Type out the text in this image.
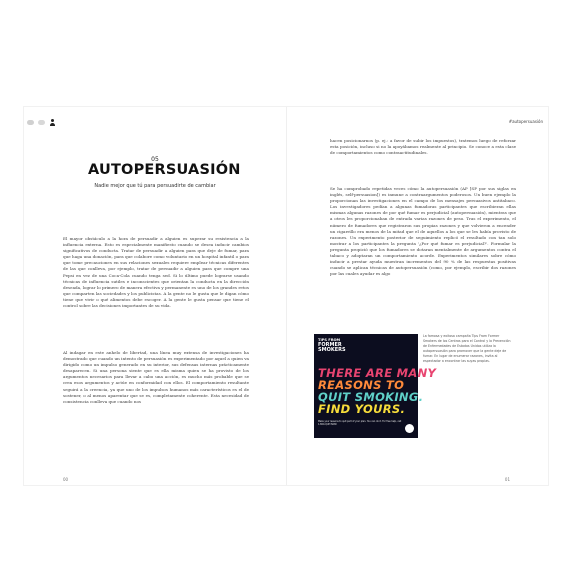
#autopersuasión
05
AUTOPERSUASIÓN
Nadie mejor que tú para persuadirte de cambiar

El mayor obstáculo a la hora de persuadir a alguien es superar su resistencia a la influencia externa. Esto es especialmente manifiesto cuando se desea inducir cambios significativos de conducta. Tratar de persuadir a alguien para que deje de fumar, para que haga una donación, para que colabore como voluntario en un hospital infantil o para que tome precauciones en sus relaciones sexuales requiere emplear técnicas diferentes de las que conlleva, por ejemplo, tratar de persuadir a alguien para que compre una Pepsi en vez de una Coca-Cola cuando tenga sed. Si lo último puede lograrse usando técnicas de influencia sutiles e inconscientes que orientan la conducta en la dirección deseada, lograr lo primero de manera efectiva y permanente es uno de los grandes retos que comparten las sociedades y los publicistas. A la gente no le gusta que le digan cómo tiene que vivir o qué alimentos debe escoger. A la gente le gusta pensar que tiene el control sobre las decisiones importantes de su vida.

Al indagar en este anhelo de libertad, una línea muy extensa de investigaciones ha demostrado que cuando un intento de persuasión es experimentado por aquel a quien va dirigido como un impulso generado en su interior, sus defensas internas prácticamente desaparecen. Si una persona siente que es ella misma quien se ha provisto de los argumentos necesarios para llevar a cabo una acción, es mucho más probable que se crea esos argumentos y actúe en conformidad con ellos. El comportamiento resultante seguirá a la creencia, ya que uno de los impulsos humanos más característicos es el de sostener, o al menos aparentar que se es, completamente coherente. Esta necesidad de consistencia conlleva que cuando nos

hacen posicionarnos (p. ej.: a favor de subir los impuestos), tratemos luego de reforzar esta posición, incluso si no la apoyábamos realmente al principio. Se conoce a esta clase de comportamientos como contraactitudinales.

Se ha comprobado repetidas veces cómo la autopersuasión (AP [SP por sus siglas en inglés, self-persuasion]) es inmune a contraargumentos poderosos. Un buen ejemplo la proporcionan las investigaciones en el campo de los mensajes persuasivos antitabaco. Los investigadores pedían a algunas fumadoras participantes que escribieran ellas mismas algunas razones de por qué fumar es perjudicial (autopersuasión), mientras que a otros les proporcionaban de entrada varias razones de peso. Tras el experimento, el número de fumadores que registraron sus propias razones y que volvieron a encender un cigarrillo era menos de la mitad que el de aquellos a los que se les había provisto de razones. Un experimento posterior de seguimiento replicó el resultado con tan solo mostrar a los participantes la pregunta '¿Por qué fumar es perjudicial?'. Formular la pregunta propició que los fumadores se dotaran mentalmente de argumentos contra el tabaco y adoptaran un comportamiento acorde. Experimentos similares sobre cómo inducir a prestar ayuda muestran incrementos del 90 % de las respuestas positivas cuando se aplican técnicas de autopersuasión (como, por ejemplo, escribir dos razones por las cuales ayudar es algo

TIPS FROM
FORMER
SMOKERS
THERE ARE MANY
REASONS TO
QUIT SMOKING.
FIND YOURS.
Make your reasons to quit part of your plan. You can do it. For free help, call 1-800-QUIT-NOW

La famosa y exitosa campaña Tips From Former Smokers de los Centros para el Control y la Prevención de Enfermedades de Estados Unidos utiliza la autopersuasión para promover que la gente deje de fumar. En lugar de enumerar razones, invita al espectador a encontrar las suyas propias.

00	01
